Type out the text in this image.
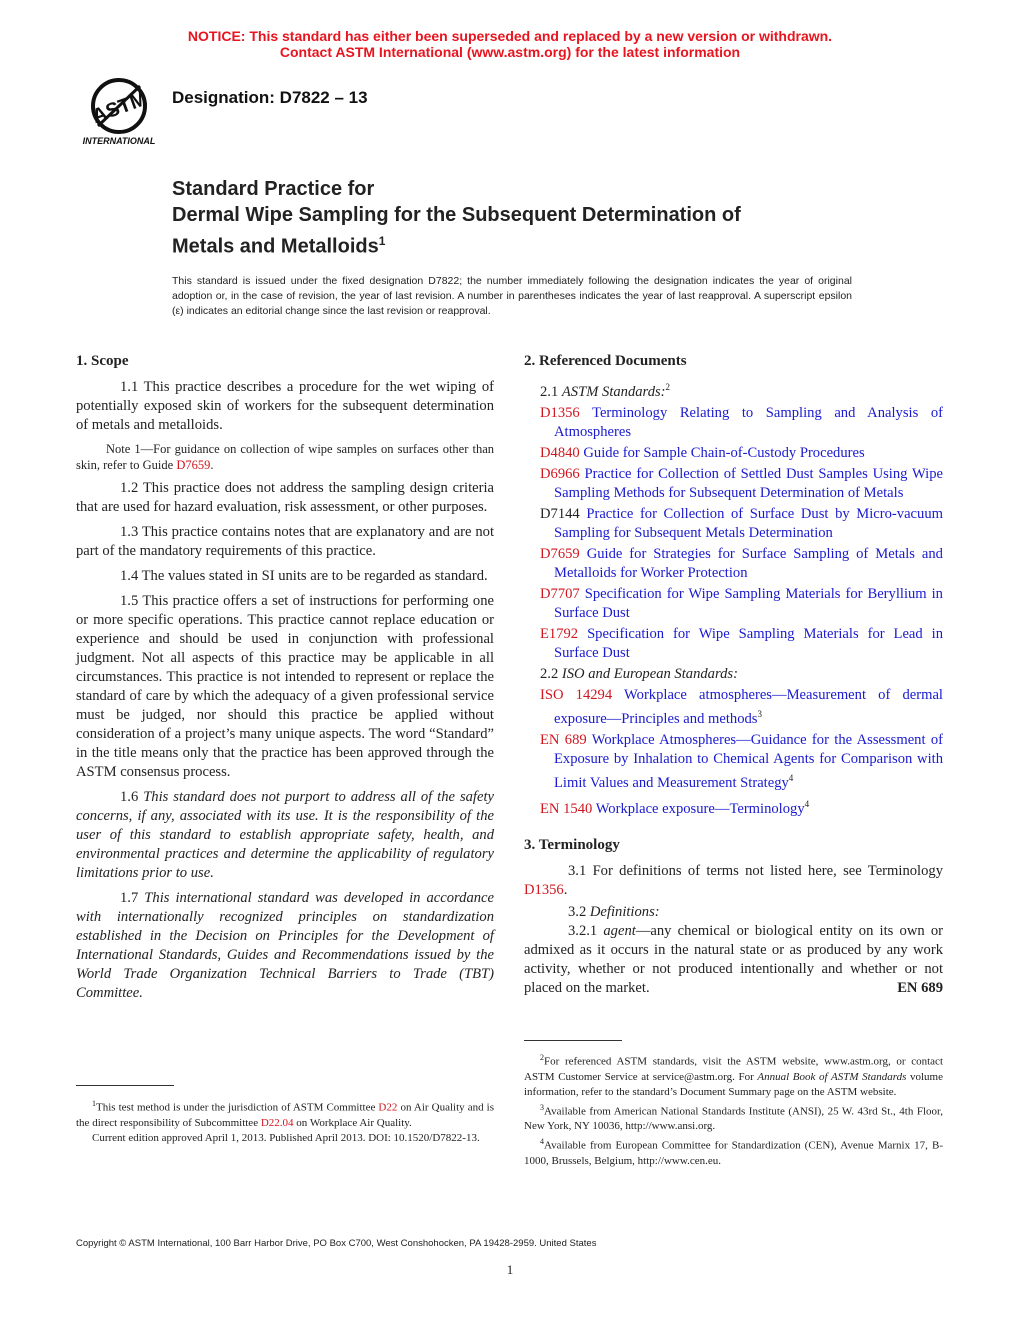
NOTICE: This standard has either been superseded and replaced by a new version or withdrawn.
Contact ASTM International (www.astm.org) for the latest information
ASTM
INTERNATIONAL
Designation: D7822 – 13
Standard Practice for
Dermal Wipe Sampling for the Subsequent Determination of
Metals and Metalloids$^1$
This standard is issued under the fixed designation D7822; the number immediately following the designation indicates the year of original adoption or, in the case of revision, the year of last revision. A number in parentheses indicates the year of last reapproval. A superscript epsilon (ε) indicates an editorial change since the last revision or reapproval.
1. Scope

1.1 This practice describes a procedure for the wet wiping of potentially exposed skin of workers for the subsequent determination of metals and metalloids.

Note 1—For guidance on collection of wipe samples on surfaces other than skin, refer to Guide D7659.

1.2 This practice does not address the sampling design criteria that are used for hazard evaluation, risk assessment, or other purposes.

1.3 This practice contains notes that are explanatory and are not part of the mandatory requirements of this practice.

1.4 The values stated in SI units are to be regarded as standard.

1.5 This practice offers a set of instructions for performing one or more specific operations. This practice cannot replace education or experience and should be used in conjunction with professional judgment. Not all aspects of this practice may be applicable in all circumstances. This practice is not intended to represent or replace the standard of care by which the adequacy of a given professional service must be judged, nor should this practice be applied without consideration of a project’s many unique aspects. The word “Standard” in the title means only that the practice has been approved through the ASTM consensus process.

1.6 This standard does not purport to address all of the safety concerns, if any, associated with its use. It is the responsibility of the user of this standard to establish appropriate safety, health, and environmental practices and determine the applicability of regulatory limitations prior to use.

1.7 This international standard was developed in accordance with internationally recognized principles on standardization established in the Decision on Principles for the Development of International Standards, Guides and Recommendations issued by the World Trade Organization Technical Barriers to Trade (TBT) Committee.

$^1$This test method is under the jurisdiction of ASTM Committee D22 on Air Quality and is the direct responsibility of Subcommittee D22.04 on Workplace Air Quality.

Current edition approved April 1, 2013. Published April 2013. DOI: 10.1520/D7822-13.

2. Referenced Documents
2.1 ASTM Standards:$^2$
D1356 Terminology Relating to Sampling and Analysis of Atmospheres
D4840 Guide for Sample Chain-of-Custody Procedures
D6966 Practice for Collection of Settled Dust Samples Using Wipe Sampling Methods for Subsequent Determination of Metals
D7144 Practice for Collection of Surface Dust by Micro-vacuum Sampling for Subsequent Metals Determination
D7659 Guide for Strategies for Surface Sampling of Metals and Metalloids for Worker Protection
D7707 Specification for Wipe Sampling Materials for Beryllium in Surface Dust
E1792 Specification for Wipe Sampling Materials for Lead in Surface Dust
2.2 ISO and European Standards:
ISO 14294 Workplace atmospheres—Measurement of dermal exposure—Principles and methods$^3$
EN 689 Workplace Atmospheres—Guidance for the Assessment of Exposure by Inhalation to Chemical Agents for Comparison with Limit Values and Measurement Strategy$^4$
EN 1540 Workplace exposure—Terminology$^4$
3. Terminology

3.1 For definitions of terms not listed here, see Terminology D1356.

3.2 Definitions:

3.2.1 agent—any chemical or biological entity on its own or admixed as it occurs in the natural state or as produced by any work activity, whether or not produced intentionally and whether or not placed on the market.	EN 689

$^2$For referenced ASTM standards, visit the ASTM website, www.astm.org, or contact ASTM Customer Service at service@astm.org. For Annual Book of ASTM Standards volume information, refer to the standard’s Document Summary page on the ASTM website.

$^3$Available from American National Standards Institute (ANSI), 25 W. 43rd St., 4th Floor, New York, NY 10036, http://www.ansi.org.

$^4$Available from European Committee for Standardization (CEN), Avenue Marnix 17, B-1000, Brussels, Belgium, http://www.cen.eu.

Copyright © ASTM International, 100 Barr Harbor Drive, PO Box C700, West Conshohocken, PA 19428-2959. United States
1
